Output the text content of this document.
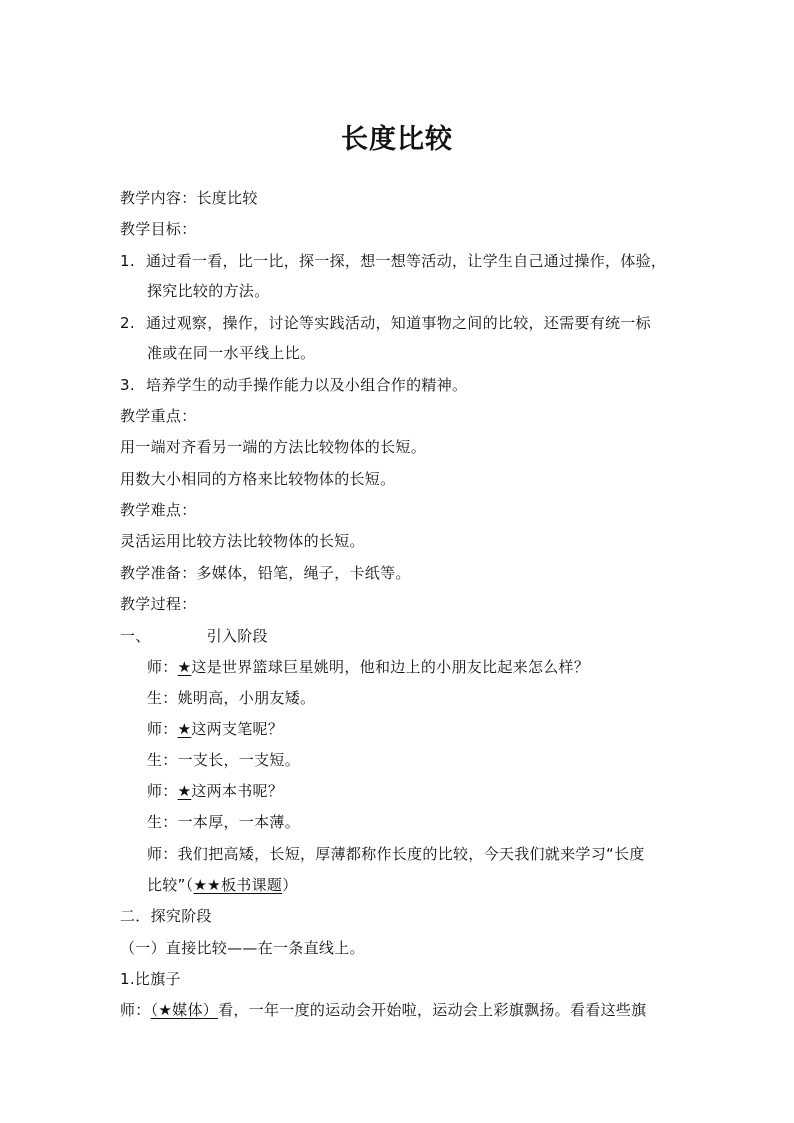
长度比较
教学内容：长度比较
教学目标：
1. 通过看一看，比一比，探一探，想一想等活动，让学生自己通过操作，体验，
探究比较的方法。
2. 通过观察，操作，讨论等实践活动，知道事物之间的比较，还需要有统一标
准或在同一水平线上比。
3. 培养学生的动手操作能力以及小组合作的精神。
教学重点：
用一端对齐看另一端的方法比较物体的长短。
用数大小相同的方格来比较物体的长短。
教学难点：
灵活运用比较方法比较物体的长短。
教学准备：多媒体，铅笔，绳子，卡纸等。
教学过程：
一、	引入阶段
师：★这是世界篮球巨星姚明，他和边上的小朋友比起来怎么样？
生：姚明高，小朋友矮。
师：★这两支笔呢？
生：一支长，一支短。
师：★这两本书呢？
生：一本厚，一本薄。
师：我们把高矮，长短，厚薄都称作长度的比较，今天我们就来学习“长度
比较”（★★板书课题）
二．探究阶段
（一）直接比较——在一条直线上。
1.比旗子
师：（★媒体）看，一年一度的运动会开始啦，运动会上彩旗飘扬。看看这些旗
